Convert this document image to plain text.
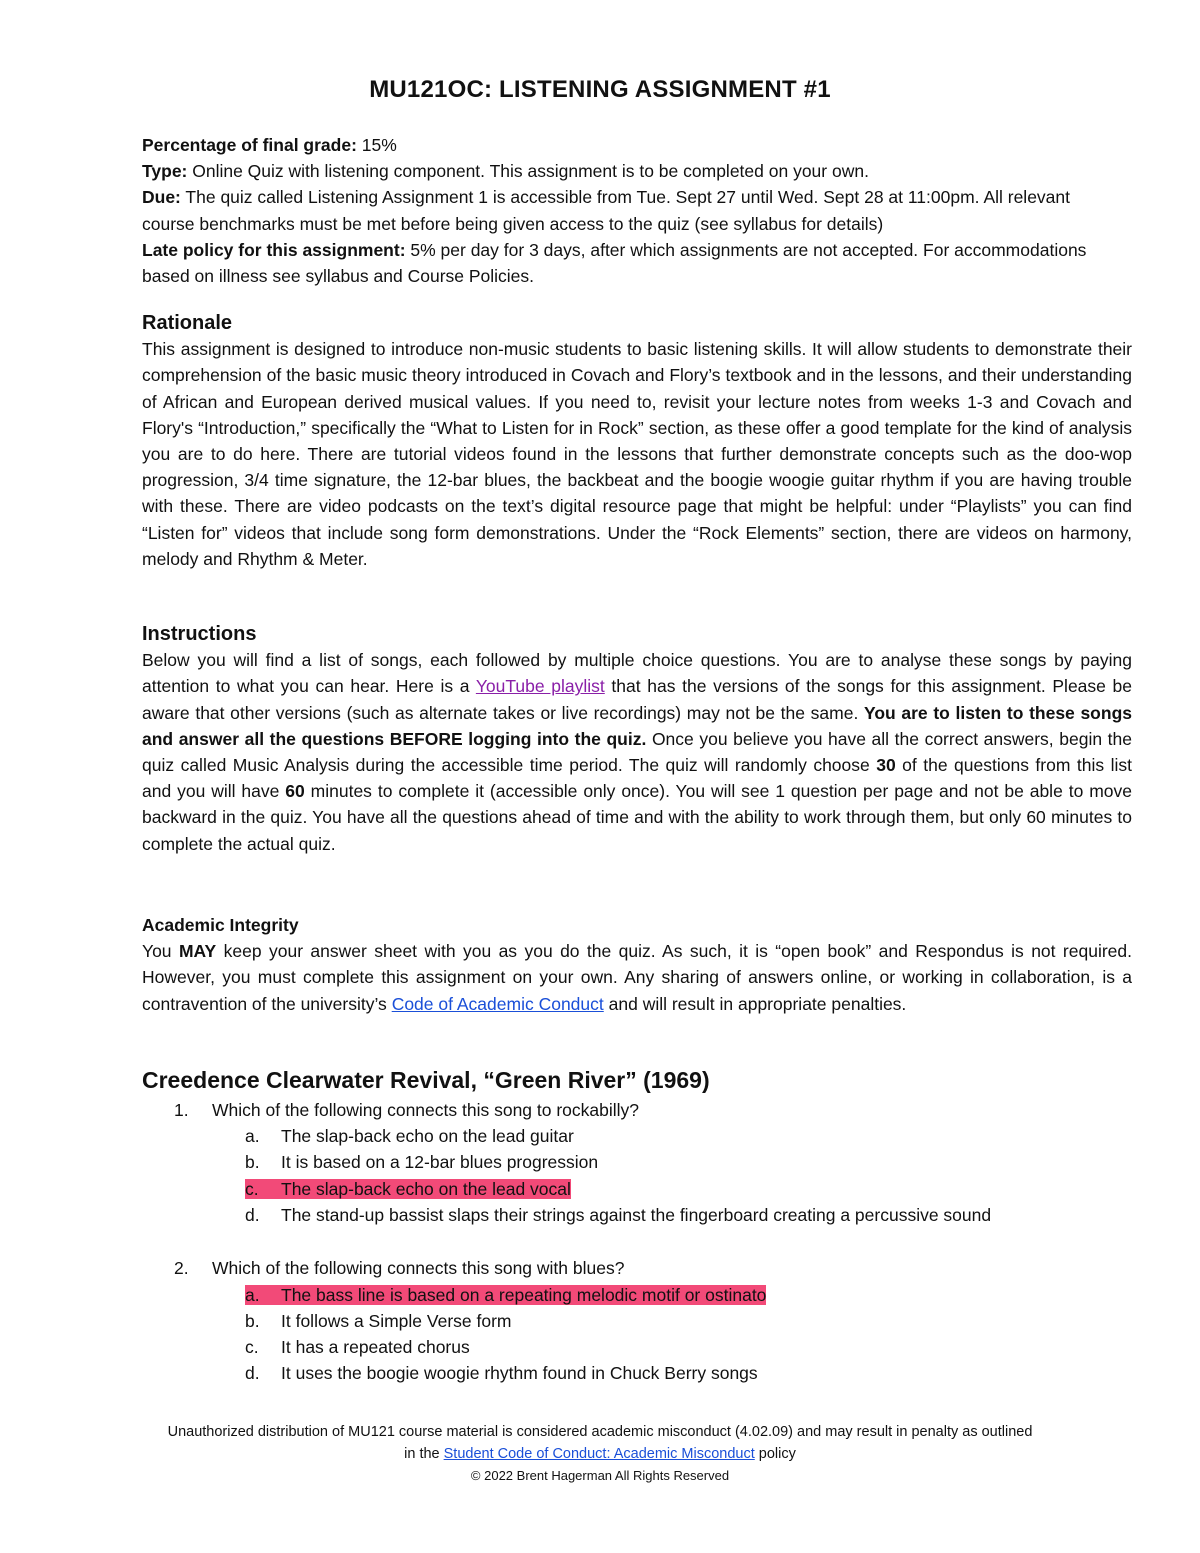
MU121OC: LISTENING ASSIGNMENT #1
Percentage of final grade: 15%
Type: Online Quiz with listening component. This assignment is to be completed on your own.
Due: The quiz called Listening Assignment 1 is accessible from Tue. Sept 27 until Wed. Sept 28 at 11:00pm. All relevant course benchmarks must be met before being given access to the quiz (see syllabus for details)
Late policy for this assignment: 5% per day for 3 days, after which assignments are not accepted. For accommodations based on illness see syllabus and Course Policies.
Rationale

This assignment is designed to introduce non-music students to basic listening skills. It will allow students to demonstrate their comprehension of the basic music theory introduced in Covach and Flory’s textbook and in the lessons, and their understanding of African and European derived musical values. If you need to, revisit your lecture notes from weeks 1-3 and Covach and Flory's “Introduction,” specifically the “What to Listen for in Rock” section, as these offer a good template for the kind of analysis you are to do here. There are tutorial videos found in the lessons that further demonstrate concepts such as the doo-wop progression, 3/4 time signature, the 12-bar blues, the backbeat and the boogie woogie guitar rhythm if you are having trouble with these. There are video podcasts on the text’s digital resource page that might be helpful: under “Playlists” you can find “Listen for” videos that include song form demonstrations. Under the “Rock Elements” section, there are videos on harmony, melody and Rhythm & Meter.

Instructions

Below you will find a list of songs, each followed by multiple choice questions. You are to analyse these songs by paying attention to what you can hear. Here is a YouTube playlist that has the versions of the songs for this assignment. Please be aware that other versions (such as alternate takes or live recordings) may not be the same. You are to listen to these songs and answer all the questions BEFORE logging into the quiz. Once you believe you have all the correct answers, begin the quiz called Music Analysis during the accessible time period. The quiz will randomly choose 30 of the questions from this list and you will have 60 minutes to complete it (accessible only once). You will see 1 question per page and not be able to move backward in the quiz. You have all the questions ahead of time and with the ability to work through them, but only 60 minutes to complete the actual quiz.

Academic Integrity

You MAY keep your answer sheet with you as you do the quiz. As such, it is “open book” and Respondus is not required. However, you must complete this assignment on your own. Any sharing of answers online, or working in collaboration, is a contravention of the university’s Code of Academic Conduct and will result in appropriate penalties.

Creedence Clearwater Revival, “Green River” (1969)
1. Which of the following connects this song to rockabilly?
a. The slap-back echo on the lead guitar
b. It is based on a 12-bar blues progression
c. The slap-back echo on the lead vocal
d. The stand-up bassist slaps their strings against the fingerboard creating a percussive sound
2. Which of the following connects this song with blues?
a. The bass line is based on a repeating melodic motif or ostinato
b. It follows a Simple Verse form
c. It has a repeated chorus
d. It uses the boogie woogie rhythm found in Chuck Berry songs
Unauthorized distribution of MU121 course material is considered academic misconduct (4.02.09) and may result in penalty as outlined
in the Student Code of Conduct: Academic Misconduct policy
© 2022 Brent Hagerman All Rights Reserved
